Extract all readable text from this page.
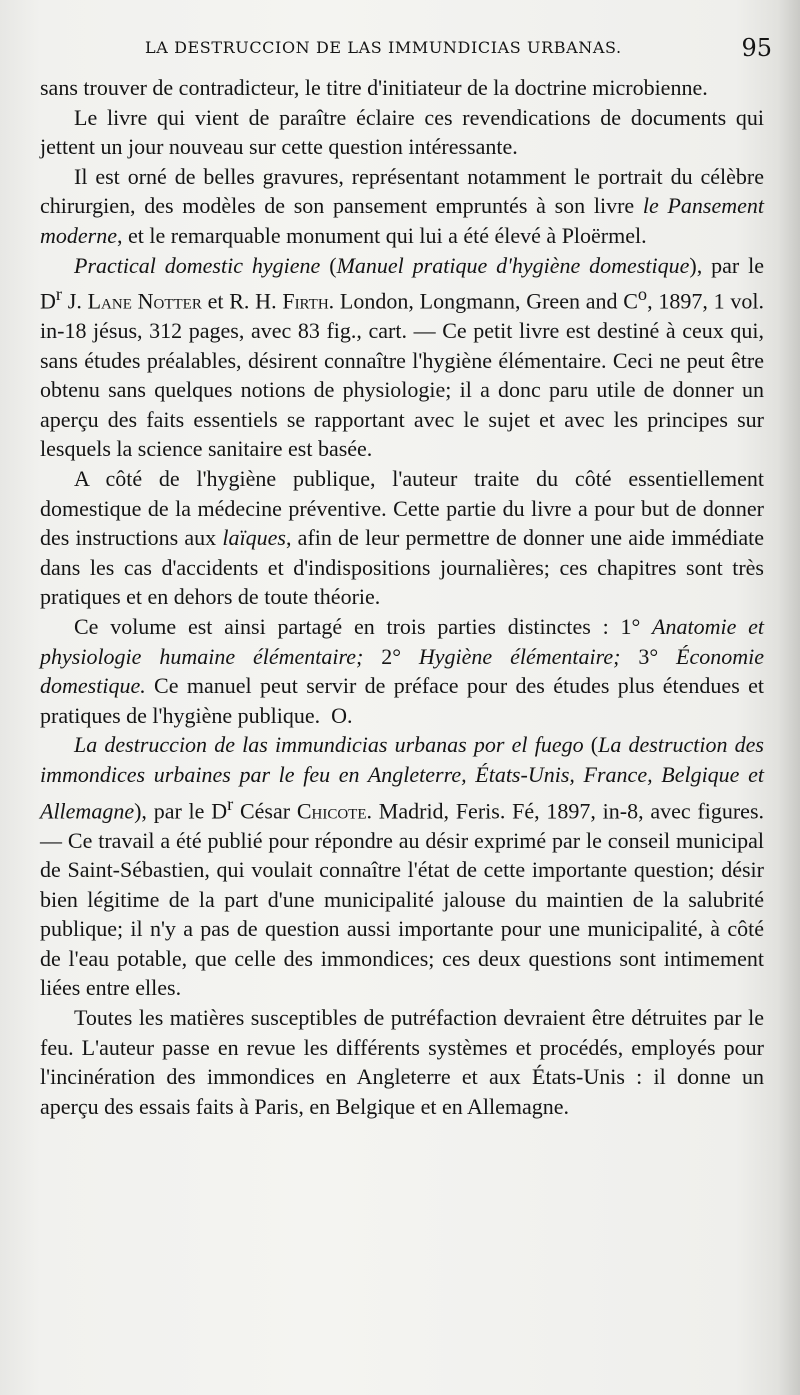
LA DESTRUCCION DE LAS IMMUNDICIAS URBANAS.	95

sans trouver de contradicteur, le titre d'initiateur de la doctrine microbienne.

Le livre qui vient de paraître éclaire ces revendications de documents qui jettent un jour nouveau sur cette question intéressante.

Il est orné de belles gravures, représentant notamment le portrait du célèbre chirurgien, des modèles de son pansement empruntés à son livre le Pansement moderne, et le remarquable monument qui lui a été élevé à Ploërmel.

Practical domestic hygiene (Manuel pratique d'hygiène domestique), par le $D^r$ J. Lane Notter et R. H. Firth. London, Longmann, Green and $C^o$, 1897, 1 vol. in-18 jésus, 312 pages, avec 83 fig., cart. — Ce petit livre est destiné à ceux qui, sans études préalables, désirent connaître l'hygiène élémentaire. Ceci ne peut être obtenu sans quelques notions de physiologie; il a donc paru utile de donner un aperçu des faits essentiels se rapportant avec le sujet et avec les principes sur lesquels la science sanitaire est basée.

A côté de l'hygiène publique, l'auteur traite du côté essentiellement domestique de la médecine préventive. Cette partie du livre a pour but de donner des instructions aux laïques, afin de leur permettre de donner une aide immédiate dans les cas d'accidents et d'indispositions journalières; ces chapitres sont très pratiques et en dehors de toute théorie.

Ce volume est ainsi partagé en trois parties distinctes : 1° Anatomie et physiologie humaine élémentaire; 2° Hygiène élémentaire; 3° Économie domestique. Ce manuel peut servir de préface pour des études plus étendues et pratiques de l'hygiène publique. O.

La destruccion de las immundicias urbanas por el fuego (La destruction des immondices urbaines par le feu en Angleterre, États-Unis, France, Belgique et Allemagne), par le $D^r$ César Chicote. Madrid, Feris. Fé, 1897, in-8, avec figures. — Ce travail a été publié pour répondre au désir exprimé par le conseil municipal de Saint-Sébastien, qui voulait connaître l'état de cette importante question; désir bien légitime de la part d'une municipalité jalouse du maintien de la salubrité publique; il n'y a pas de question aussi importante pour une municipalité, à côté de l'eau potable, que celle des immondices; ces deux questions sont intimement liées entre elles.

Toutes les matières susceptibles de putréfaction devraient être détruites par le feu. L'auteur passe en revue les différents systèmes et procédés, employés pour l'incinération des immondices en Angleterre et aux États-Unis : il donne un aperçu des essais faits à Paris, en Belgique et en Allemagne.
